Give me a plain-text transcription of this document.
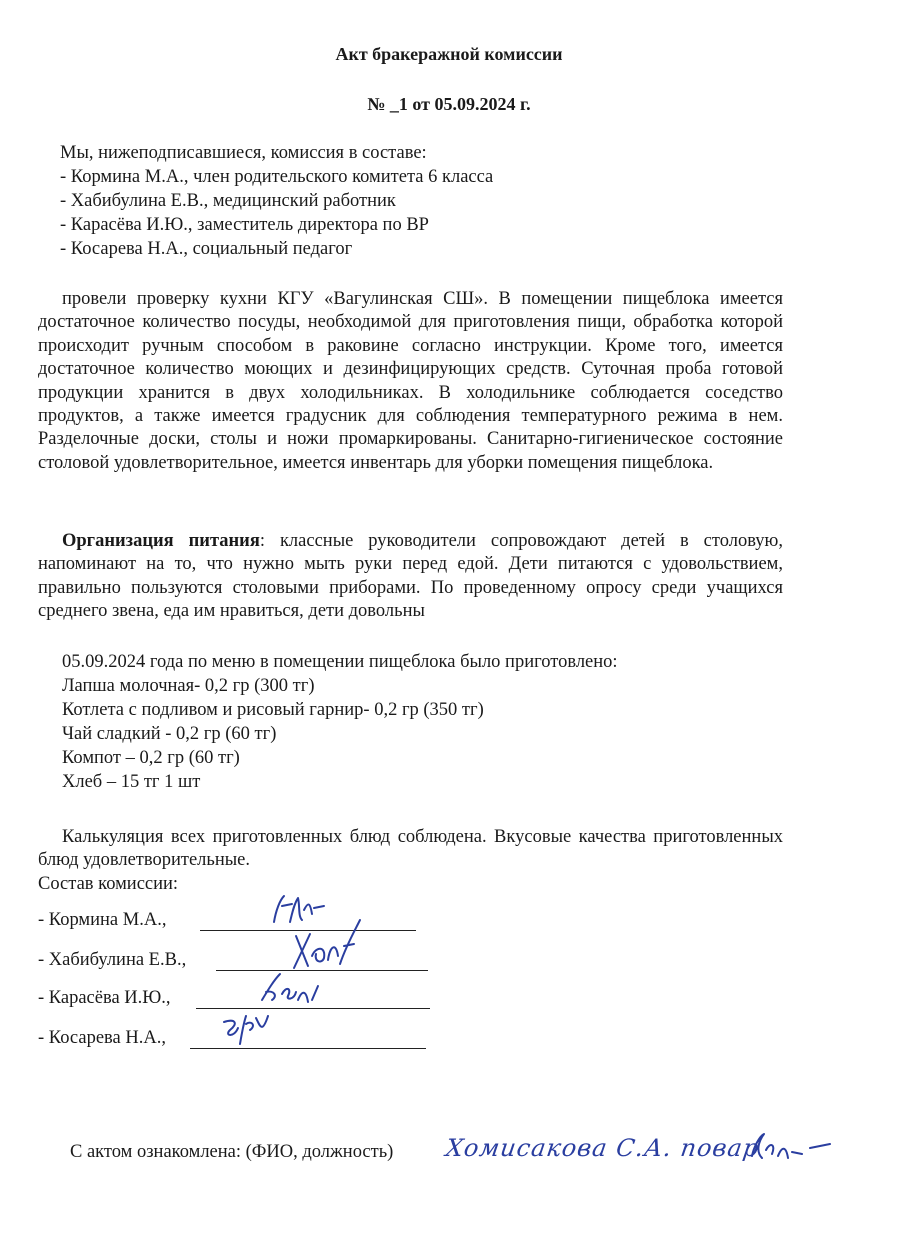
Акт бракеражной комиссии
№ _1 от 05.09.2024 г.
Мы, нижеподписавшиеся, комиссия в составе:
- Кормина М.А., член родительского комитета 6 класса
- Хабибулина Е.В., медицинский работник
- Карасёва И.Ю., заместитель директора по ВР
- Косарева Н.А., социальный педагог
провели проверку кухни КГУ «Вагулинская СШ». В помещении пищеблока имеется достаточное количество посуды, необходимой для приготовления пищи, обработка которой происходит ручным способом в раковине согласно инструкции. Кроме того, имеется достаточное количество моющих и дезинфицирующих средств. Суточная проба готовой продукции хранится в двух холодильниках. В холодильнике соблюдается соседство продуктов, а также имеется градусник для соблюдения температурного режима в нем. Разделочные доски, столы и ножи промаркированы. Санитарно-гигиеническое состояние столовой удовлетворительное, имеется инвентарь для уборки помещения пищеблока.
Организация питания: классные руководители сопровождают детей в столовую, напоминают на то, что нужно мыть руки перед едой. Дети питаются с удовольствием, правильно пользуются столовыми приборами. По проведенному опросу среди учащихся среднего звена, еда им нравиться, дети довольны
05.09.2024 года по меню в помещении пищеблока было приготовлено:
Лапша молочная- 0,2 гр (300 тг)
Котлета с подливом и рисовый гарнир- 0,2 гр (350 тг)
Чай сладкий - 0,2 гр (60 тг)
Компот – 0,2 гр (60 тг)
Хлеб – 15 тг 1 шт
Калькуляция всех приготовленных блюд соблюдена. Вкусовые качества приготовленных блюд удовлетворительные.
Состав комиссии:
- Кормина М.А.,
- Хабибулина Е.В.,
- Карасёва И.Ю.,
- Косарева Н.А.,
С актом ознакомлена: (ФИО, должность) Хомисакова С.А. повар
